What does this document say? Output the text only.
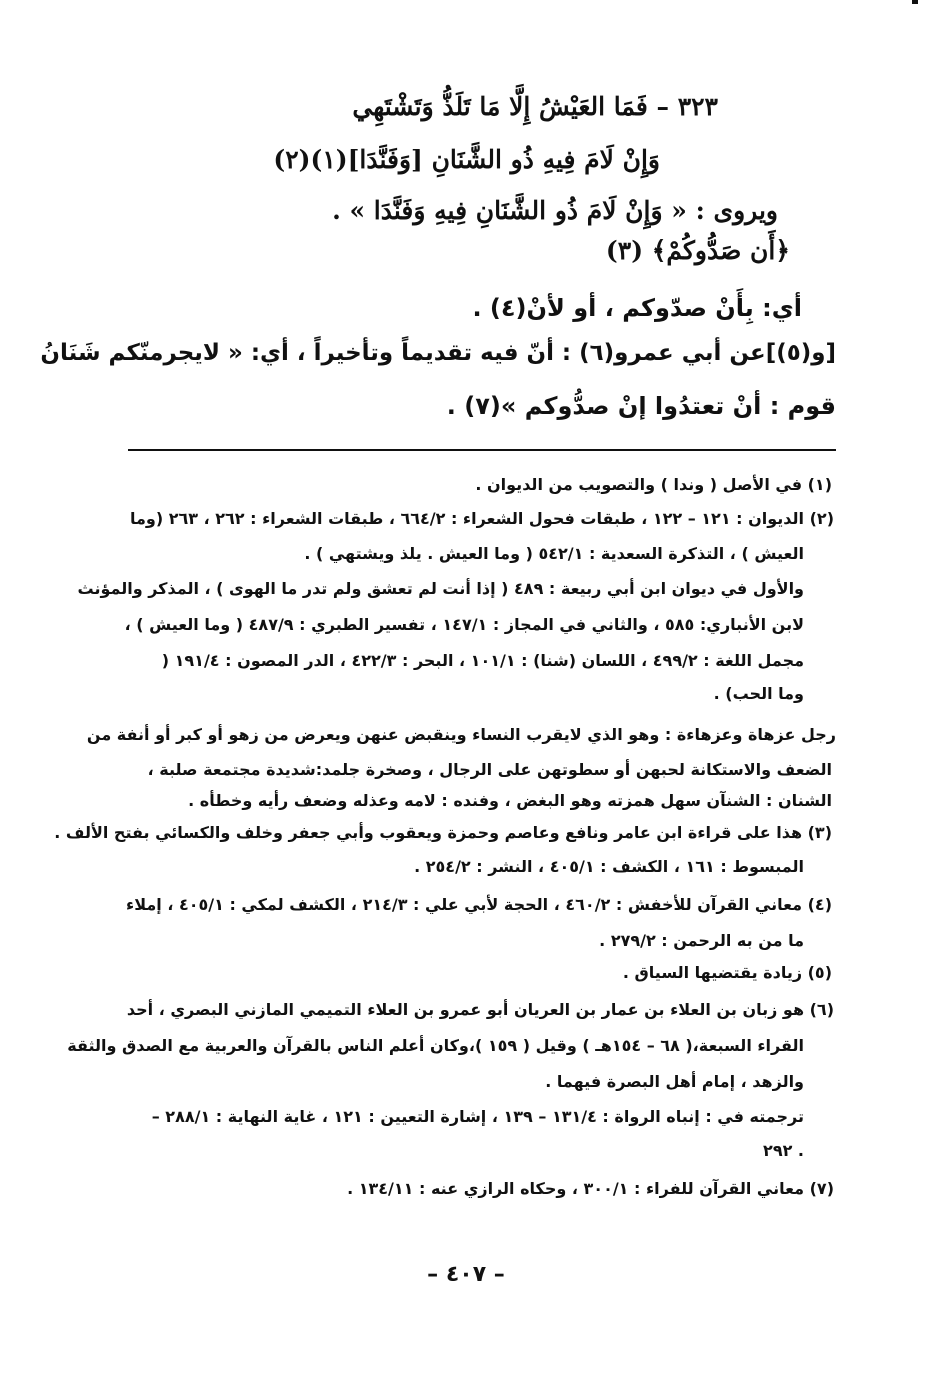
٣٢٣ – فَمَا العَيْشُ إِلَّا مَا تَلَذُّ وَتَشْتَهِي
وَإِنْ لَامَ فِيهِ ذُو الشَّنَانِ [وَفَنَّدَا](١)(٢)
ويروى : « وَإِنْ لَامَ ذُو الشَّنَانِ فِيهِ وَفَنَّدَا » .
﴿أَن صَدُّوكُمْ﴾ (٣)
أي: بِأَنْ صدّوكم ، أو لأنْ(٤) .
[و(٥)]عن أبي عمرو(٦) : أنّ فيه تقديماً وتأخيراً ، أي: « لايجرمنّكم شَنَانُ
قوم : أنْ تعتدُوا إنْ صدُّوكم »(٧) .
(١) في الأصل ( وندا ) والتصويب من الديوان .
(٢) الديوان : ١٢١ – ١٢٢ ، طبقات فحول الشعراء : ٦٦٤/٢ ، طبقات الشعراء : ٢٦٢ ، ٢٦٣ (وما
العيش ) ، التذكرة السعدية : ٥٤٢/١ ( وما العيش . يلذ ويشتهي ) .
والأول في ديوان ابن أبي ربيعة : ٤٨٩ ( إذا أنت لم تعشق ولم تدر ما الهوى ) ، المذكر والمؤنث
لابن الأنباري: ٥٨٥ ، والثاني في المجاز : ١٤٧/١ ، تفسير الطبري : ٤٨٧/٩ ( وما العيش ) ،
مجمل اللغة : ٤٩٩/٢ ، اللسان (شنا) : ١٠١/١ ، البحر : ٤٢٢/٣ ، الدر المصون : ١٩١/٤ (
وما الحب) .
رجل عزهاة وعزهاءة : وهو الذي لايقرب النساء وينقبض عنهن ويعرض من زهو أو كبر أو أنفة من
الضعف والاستكانة لحبهن أو سطوتهن على الرجال ، وصخرة جلمد:شديدة مجتمعة صلبة ،
الشنان : الشنآن سهل همزته وهو البغض ، وفنده : لامه وعذله وضعف رأيه وخطأه .
(٣) هذا على قراءة ابن عامر ونافع وعاصم وحمزة ويعقوب وأبي جعفر وخلف والكسائي بفتح الألف .
المبسوط : ١٦١ ، الكشف : ٤٠٥/١ ، النشر : ٢٥٤/٢ .
(٤) معاني القرآن للأخفش : ٤٦٠/٢ ، الحجة لأبي علي : ٢١٤/٣ ، الكشف لمكي : ٤٠٥/١ ، إملاء
ما من به الرحمن : ٢٧٩/٢ .
(٥) زيادة يقتضيها السياق .
(٦) هو زبان بن العلاء بن عمار بن العريان أبو عمرو بن العلاء التميمي المازني البصري ، أحد
القراء السبعة،( ٦٨ – ١٥٤هـ ) وقيل ( ١٥٩ )،وكان أعلم الناس بالقرآن والعربية مع الصدق والثقة
والزهد ، إمام أهل البصرة فيهما .
ترجمته في : إنباه الرواة : ١٣١/٤ – ١٣٩ ، إشارة التعيين : ١٢١ ، غاية النهاية : ٢٨٨/١ –
٢٩٢ .
(٧) معاني القرآن للفراء : ٣٠٠/١ ، وحكاه الرازي عنه : ١٣٤/١١ .
– ٤٠٧ –
